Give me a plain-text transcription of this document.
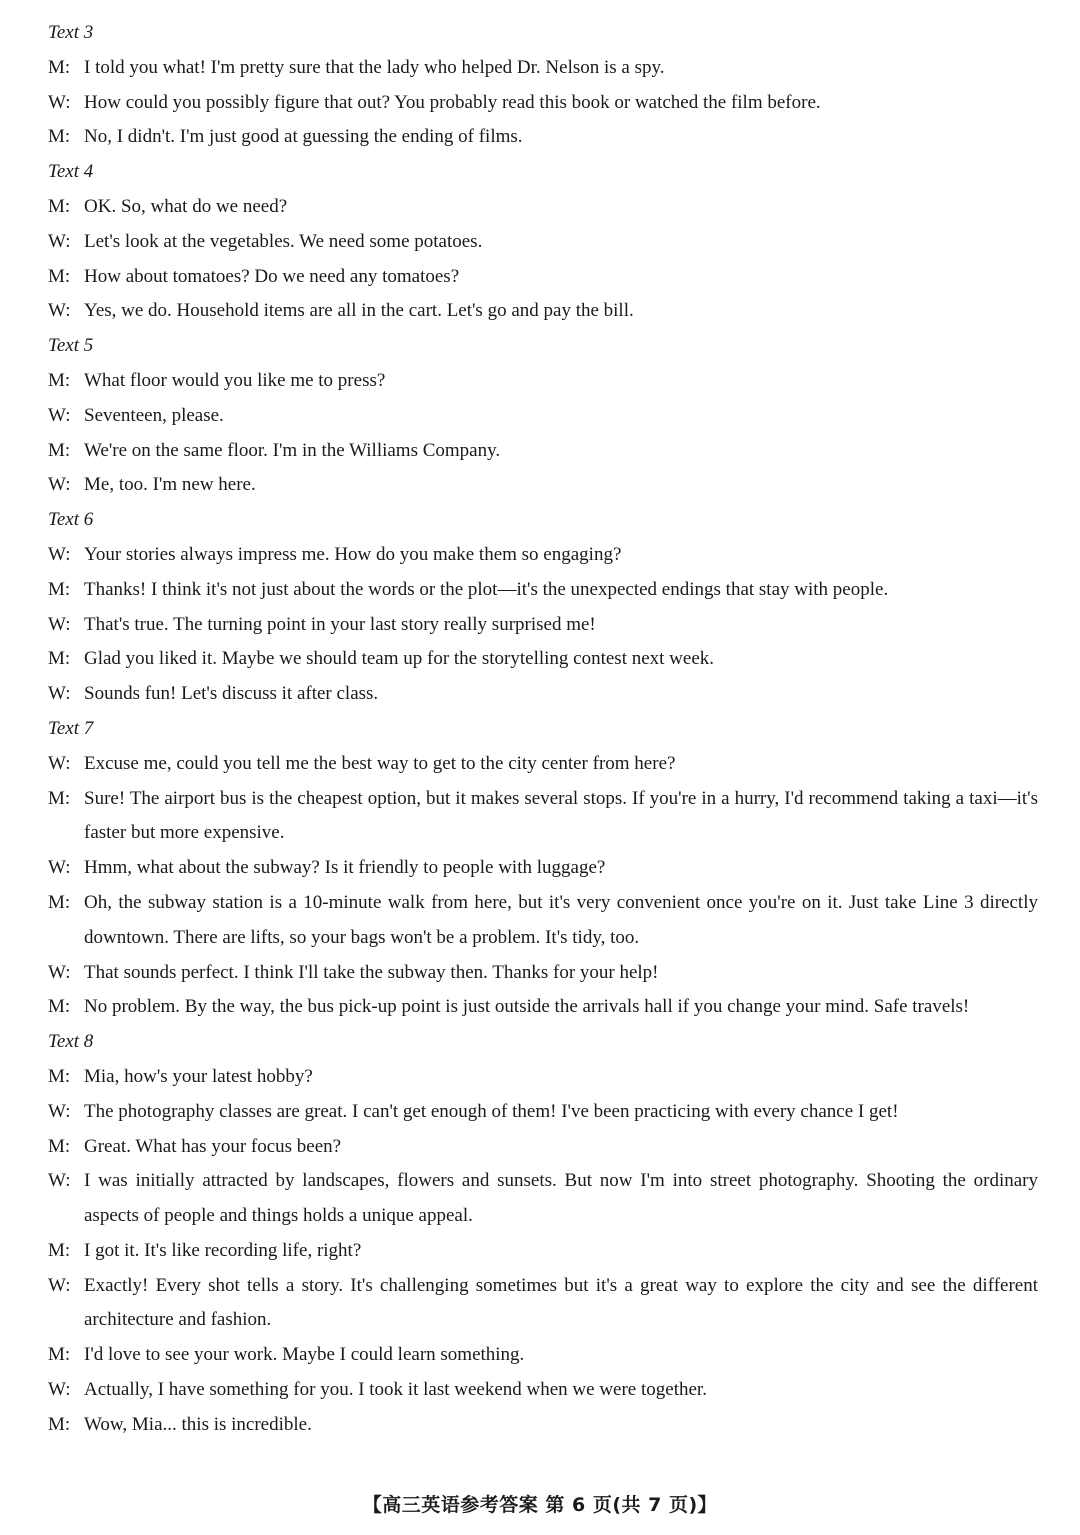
Text 3
M: I told you what! I'm pretty sure that the lady who helped Dr. Nelson is a spy.
W: How could you possibly figure that out? You probably read this book or watched the film before.
M: No, I didn't. I'm just good at guessing the ending of films.
Text 4
M: OK. So, what do we need?
W: Let's look at the vegetables. We need some potatoes.
M: How about tomatoes? Do we need any tomatoes?
W: Yes, we do. Household items are all in the cart. Let's go and pay the bill.
Text 5
M: What floor would you like me to press?
W: Seventeen, please.
M: We're on the same floor. I'm in the Williams Company.
W: Me, too. I'm new here.
Text 6
W: Your stories always impress me. How do you make them so engaging?
M: Thanks! I think it's not just about the words or the plot—it's the unexpected endings that stay with people.
W: That's true. The turning point in your last story really surprised me!
M: Glad you liked it. Maybe we should team up for the storytelling contest next week.
W: Sounds fun! Let's discuss it after class.
Text 7
W: Excuse me, could you tell me the best way to get to the city center from here?
M: Sure! The airport bus is the cheapest option, but it makes several stops. If you're in a hurry, I'd recommend taking a taxi—it's faster but more expensive.
W: Hmm, what about the subway? Is it friendly to people with luggage?
M: Oh, the subway station is a 10-minute walk from here, but it's very convenient once you're on it. Just take Line 3 directly downtown. There are lifts, so your bags won't be a problem. It's tidy, too.
W: That sounds perfect. I think I'll take the subway then. Thanks for your help!
M: No problem. By the way, the bus pick-up point is just outside the arrivals hall if you change your mind. Safe travels!
Text 8
M: Mia, how's your latest hobby?
W: The photography classes are great. I can't get enough of them! I've been practicing with every chance I get!
M: Great. What has your focus been?
W: I was initially attracted by landscapes, flowers and sunsets. But now I'm into street photography. Shooting the ordinary aspects of people and things holds a unique appeal.
M: I got it. It's like recording life, right?
W: Exactly! Every shot tells a story. It's challenging sometimes but it's a great way to explore the city and see the different architecture and fashion.
M: I'd love to see your work. Maybe I could learn something.
W: Actually, I have something for you. I took it last weekend when we were together.
M: Wow, Mia... this is incredible.
【高三英语参考答案 第 6 页(共 7 页)】
